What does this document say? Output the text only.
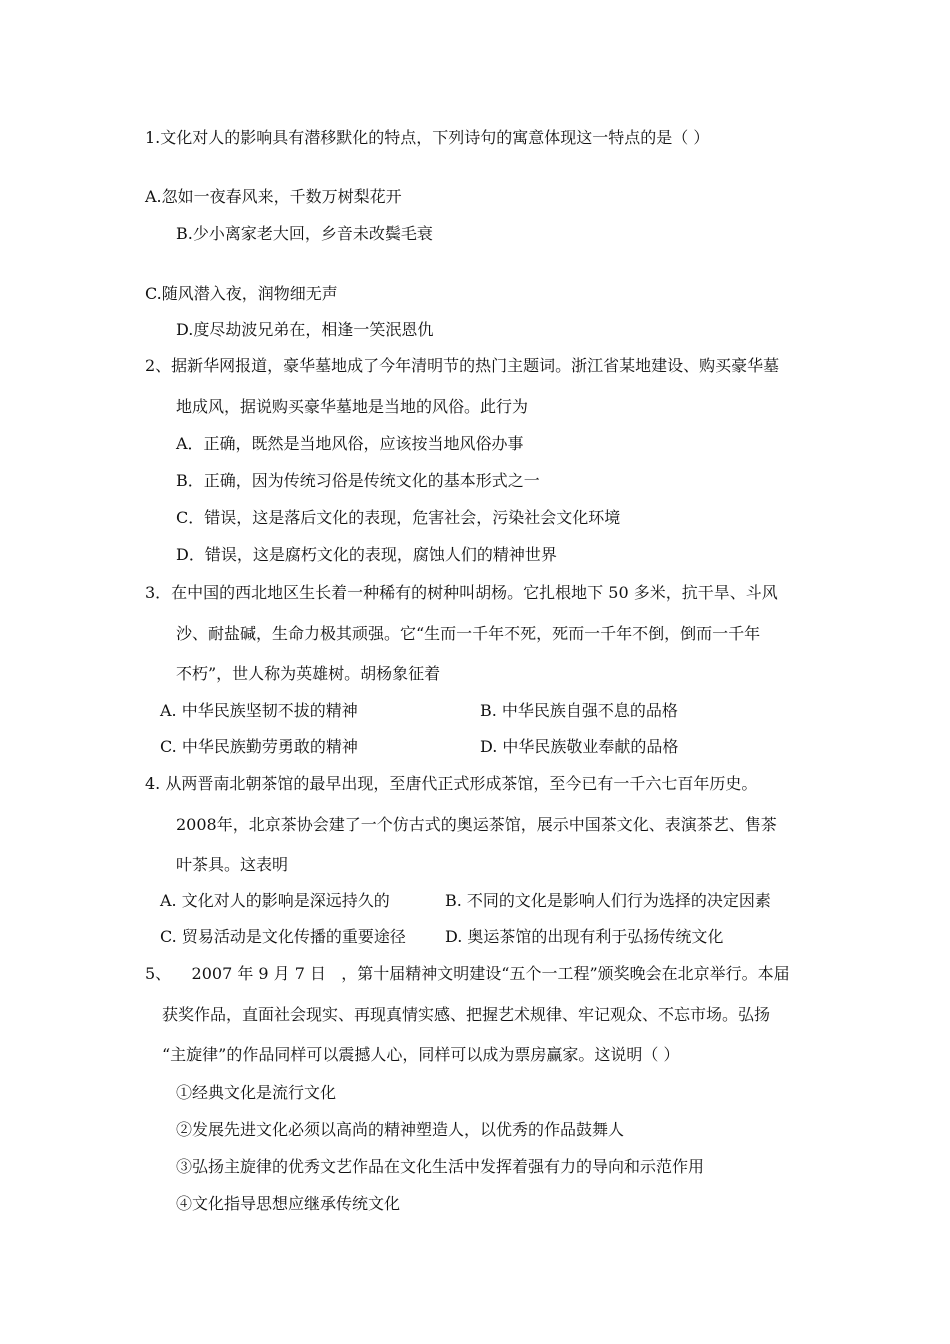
1.文化对人的影响具有潜移默化的特点，下列诗句的寓意体现这一特点的是（ ）
A.忽如一夜春风来，千数万树梨花开
B.少小离家老大回，乡音未改鬓毛衰
C.随风潜入夜，润物细无声
D.度尽劫波兄弟在，相逢一笑泯恩仇
2、据新华网报道，豪华墓地成了今年清明节的热门主题词。浙江省某地建设、购买豪华墓
地成风，据说购买豪华墓地是当地的风俗。此行为
A．正确，既然是当地风俗，应该按当地风俗办事
B．正确，因为传统习俗是传统文化的基本形式之一
C．错误，这是落后文化的表现，危害社会，污染社会文化环境
D．错误，这是腐朽文化的表现，腐蚀人们的精神世界
3．在中国的西北地区生长着一种稀有的树种叫胡杨。它扎根地下 50 多米，抗干旱、斗风
沙、耐盐碱，生命力极其顽强。它“生而一千年不死，死而一千年不倒，倒而一千年
不朽”，世人称为英雄树。胡杨象征着
A. 中华民族坚韧不拔的精神	B. 中华民族自强不息的品格
C. 中华民族勤劳勇敢的精神	D. 中华民族敬业奉献的品格
4. 从两晋南北朝茶馆的最早出现，至唐代正式形成茶馆，至今已有一千六七百年历史。
2008年，北京茶协会建了一个仿古式的奥运茶馆，展示中国茶文化、表演茶艺、售茶
叶茶具。这表明
A. 文化对人的影响是深远持久的	B. 不同的文化是影响人们行为选择的决定因素
C. 贸易活动是文化传播的重要途径 D. 奥运茶馆的出现有利于弘扬传统文化
5、    2007 年 9 月 7 日   ，第十届精神文明建设“五个一工程”颁奖晚会在北京举行。本届
获奖作品，直面社会现实、再现真情实感、把握艺术规律、牢记观众、不忘市场。弘扬
“主旋律”的作品同样可以震撼人心，同样可以成为票房赢家。这说明（ ）
①经典文化是流行文化
②发展先进文化必须以高尚的精神塑造人，以优秀的作品鼓舞人
③弘扬主旋律的优秀文艺作品在文化生活中发挥着强有力的导向和示范作用
④文化指导思想应继承传统文化
